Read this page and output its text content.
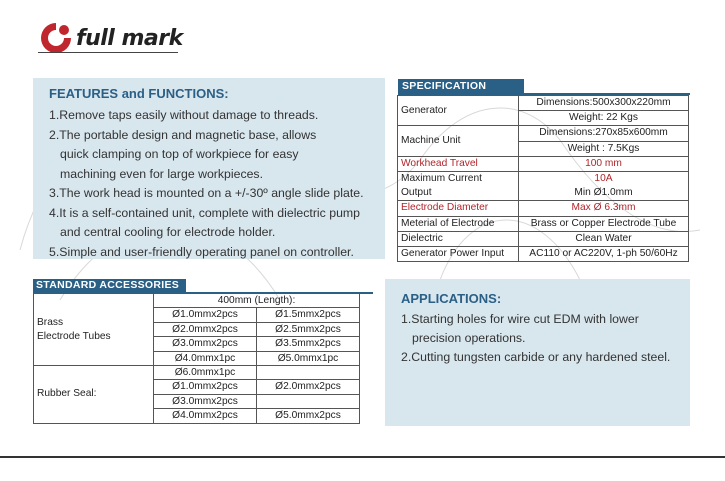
M full mark
FEATURES and FUNCTIONS:
1.Remove taps easily without damage to threads.
2.The portable design and magnetic base, allows
quick clamping on top of workpiece for easy
machining even for large workpieces.
3.The work head is mounted on a +/-30º angle slide plate.
4.It is a self-contained unit, complete with dielectric pump
and central cooling for electrode holder.
5.Simple and user-friendly operating panel on controller.
SPECIFICATION
Generator	Dimensions:500x300x220mm
	Weight: 22 Kgs
Machine Unit	Dimensions:270x85x600mm
	Weight : 7.5Kgs
Workhead Travel	100 mm
Maximum Current	10A
Output	Min Ø1.0mm
Electrode Diameter	Max Ø 6.3mm
Meterial of Electrode	Brass or Copper Electrode Tube
Dielectric	Clean Water
Generator Power Input	AC110 or AC220V, 1-ph 50/60Hz
STANDARD ACCESSORIES
Brass
Electrode Tubes	400mm (Length):	
	Ø1.0mmx2pcs	Ø1.5mmx2pcs
	Ø2.0mmx2pcs	Ø2.5mmx2pcs
	Ø3.0mmx2pcs	Ø3.5mmx2pcs
	Ø4.0mmx1pc	Ø5.0mmx1pc
Rubber Seal:	Ø6.0mmx1pc	
	Ø1.0mmx2pcs	Ø2.0mmx2pcs
	Ø3.0mmx2pcs	
	Ø4.0mmx2pcs	Ø5.0mmx2pcs
APPLICATIONS:
1.Starting holes for wire cut EDM with lower
precision operations.
2.Cutting tungsten carbide or any hardened steel.
